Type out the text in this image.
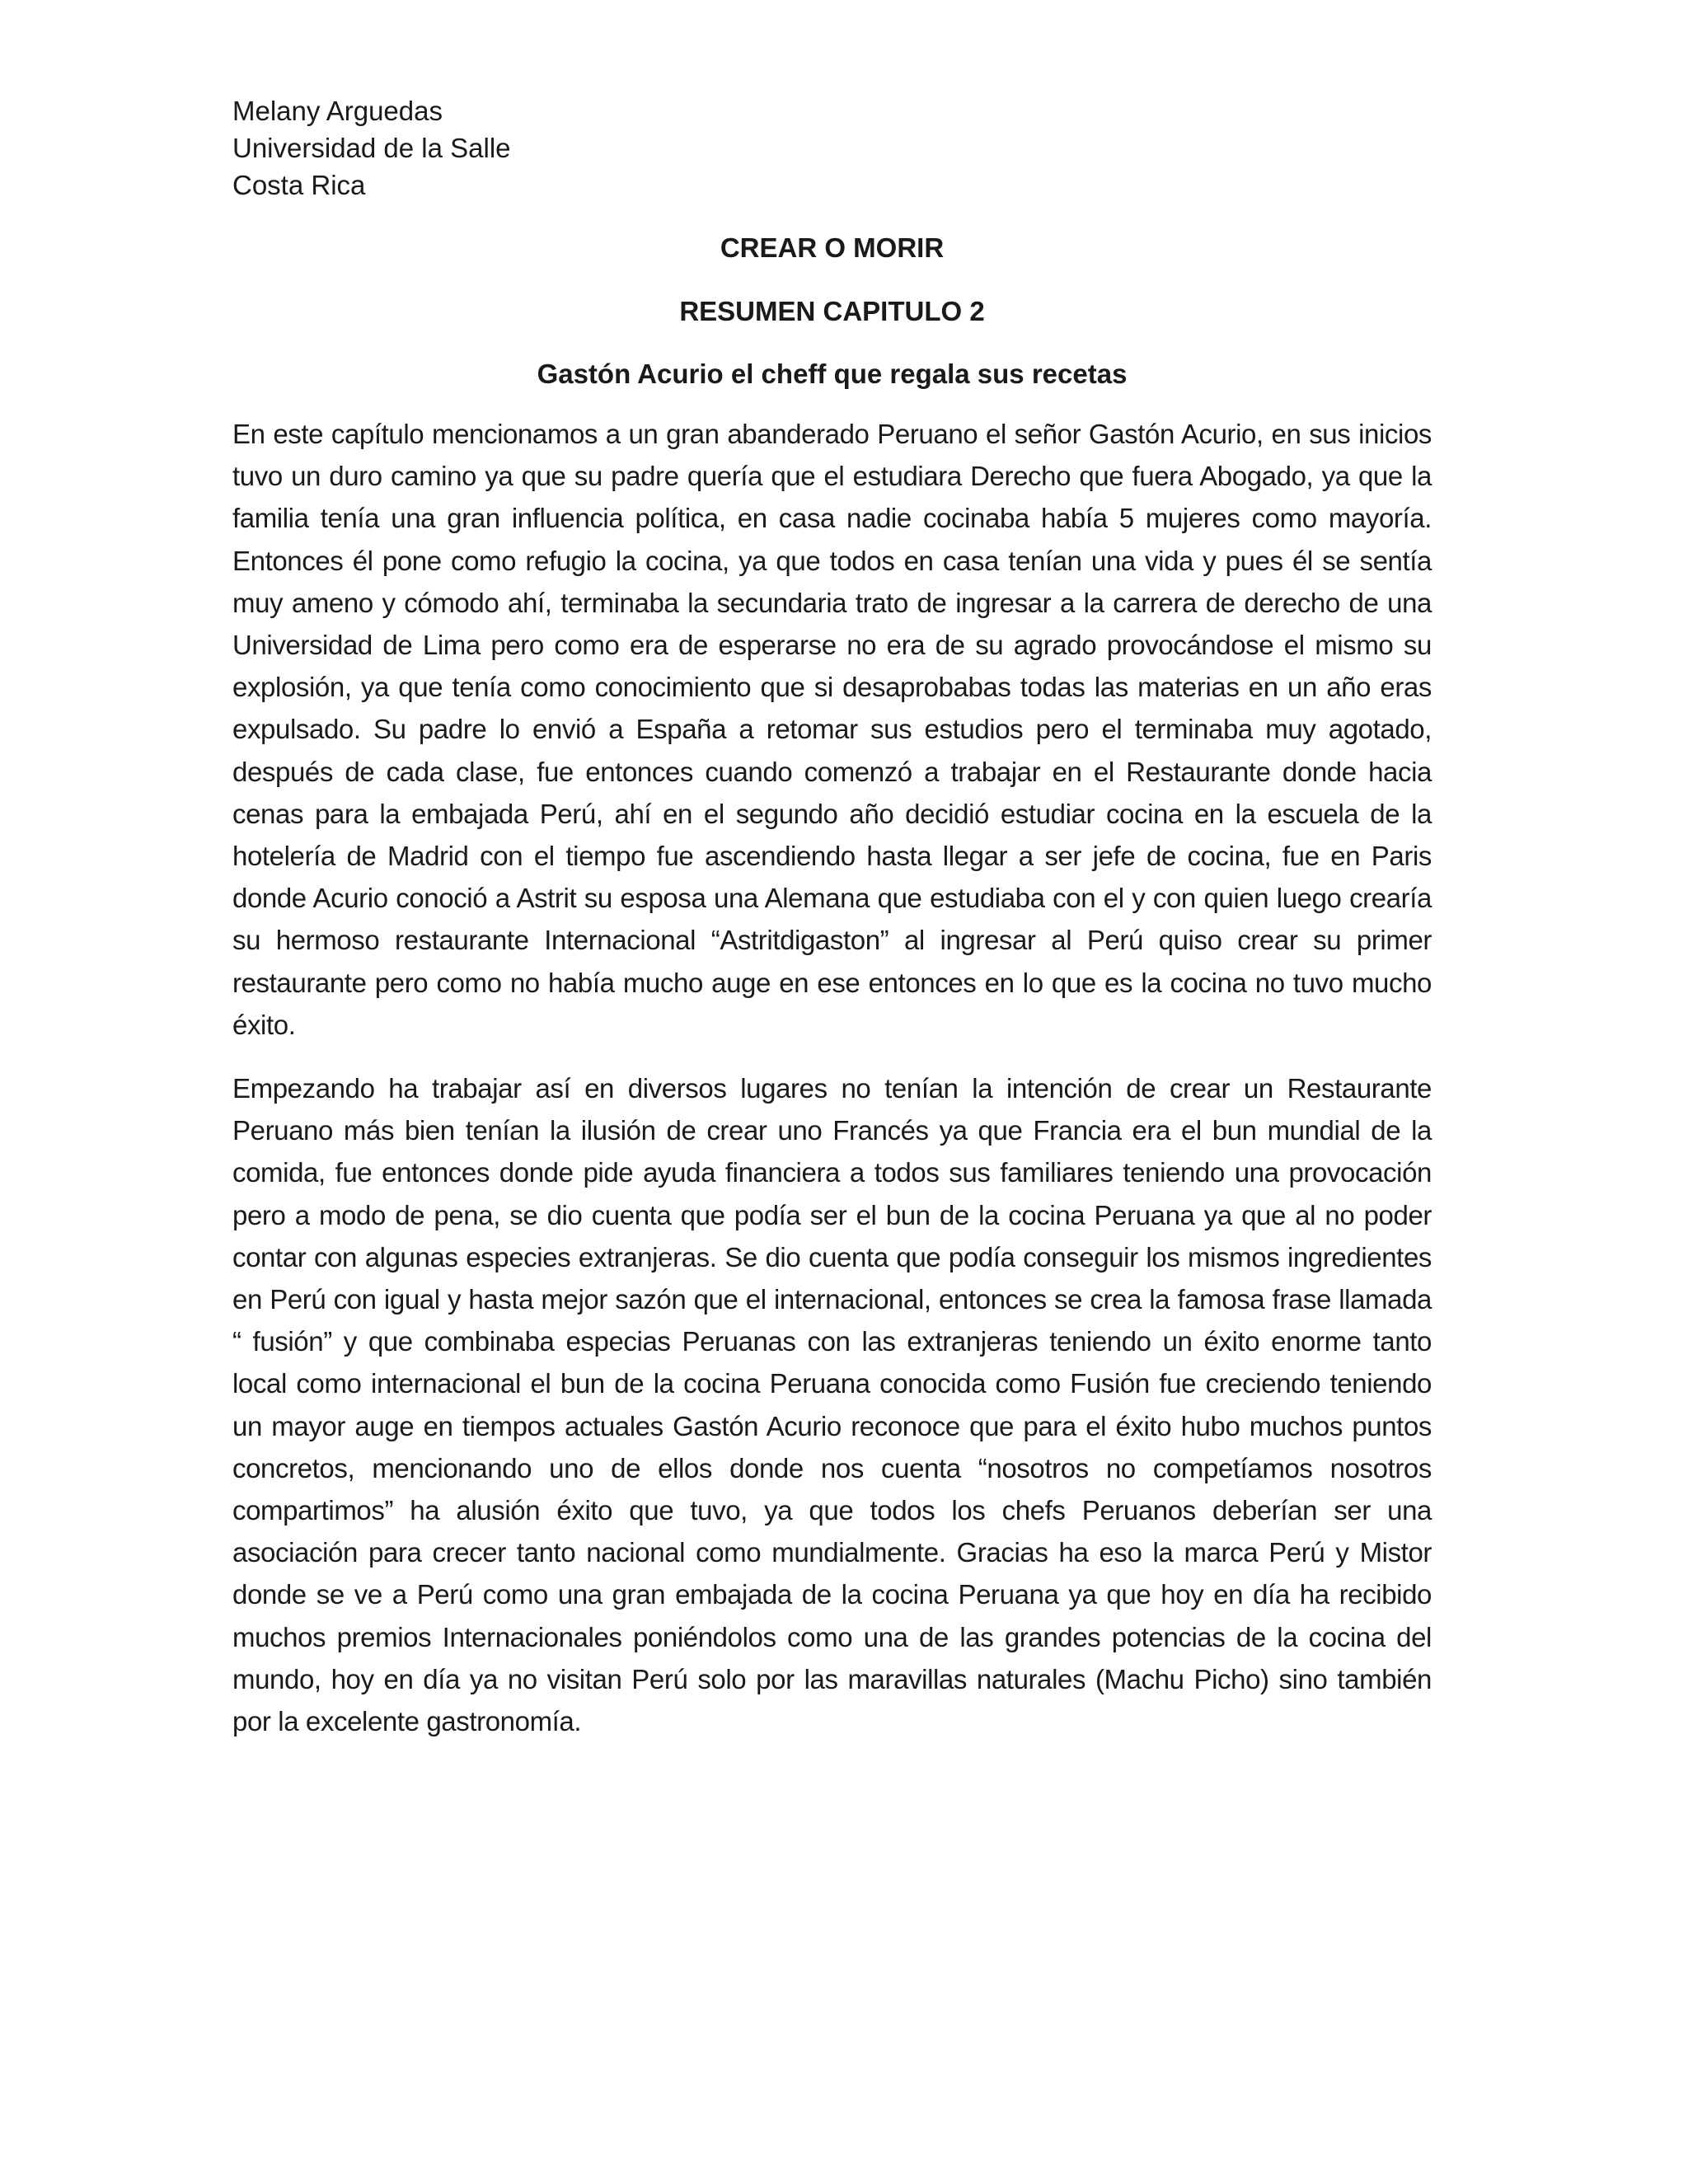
Melany Arguedas
Universidad de la Salle
Costa Rica
CREAR O MORIR
RESUMEN CAPITULO 2
Gastón Acurio el cheff que regala sus recetas

En este capítulo mencionamos a un gran abanderado Peruano el señor Gastón Acurio, en sus inicios tuvo un duro camino ya que su padre quería que el estudiara Derecho que fuera Abogado, ya que la familia tenía una gran influencia política, en casa nadie cocinaba había 5 mujeres como mayoría. Entonces él pone como refugio la cocina, ya que todos en casa tenían una vida y pues él se sentía muy ameno y cómodo ahí, terminaba la secundaria trato de ingresar a la carrera de derecho de una Universidad de Lima pero como era de esperarse no era de su agrado provocándose el mismo su explosión, ya que tenía como conocimiento que si desaprobabas todas las materias en un año eras expulsado. Su padre lo envió a España a retomar sus estudios pero el terminaba muy agotado, después de cada clase, fue entonces cuando comenzó a trabajar en el Restaurante donde hacia cenas para la embajada Perú, ahí en el segundo año decidió estudiar cocina en la escuela de la hotelería de Madrid con el tiempo fue ascendiendo hasta llegar a ser jefe de cocina, fue en Paris donde Acurio conoció a Astrit su esposa una Alemana que estudiaba con el y con quien luego crearía su hermoso restaurante Internacional “Astritdigaston” al ingresar al Perú quiso crear su primer restaurante pero como no había mucho auge en ese entonces en lo que es la cocina no tuvo mucho éxito.

Empezando ha trabajar así en diversos lugares no tenían la intención de crear un Restaurante Peruano más bien tenían la ilusión de crear uno Francés ya que Francia era el bun mundial de la comida, fue entonces donde pide ayuda financiera a todos sus familiares teniendo una provocación pero a modo de pena, se dio cuenta que podía ser el bun de la cocina Peruana ya que al no poder contar con algunas especies extranjeras. Se dio cuenta que podía conseguir los mismos ingredientes en Perú con igual y hasta mejor sazón que el internacional, entonces se crea la famosa frase llamada “ fusión” y que combinaba especias Peruanas con las extranjeras teniendo un éxito enorme tanto local como internacional el bun de la cocina Peruana conocida como Fusión fue creciendo teniendo un mayor auge en tiempos actuales Gastón Acurio reconoce que para el éxito hubo muchos puntos concretos, mencionando uno de ellos donde nos cuenta “nosotros no competíamos nosotros compartimos” ha alusión éxito que tuvo, ya que todos los chefs Peruanos deberían ser una asociación para crecer tanto nacional como mundialmente. Gracias ha eso la marca Perú y Mistor donde se ve a Perú como una gran embajada de la cocina Peruana ya que hoy en día ha recibido muchos premios Internacionales poniéndolos como una de las grandes potencias de la cocina del mundo, hoy en día ya no visitan Perú solo por las maravillas naturales (Machu Picho) sino también por la excelente gastronomía.
